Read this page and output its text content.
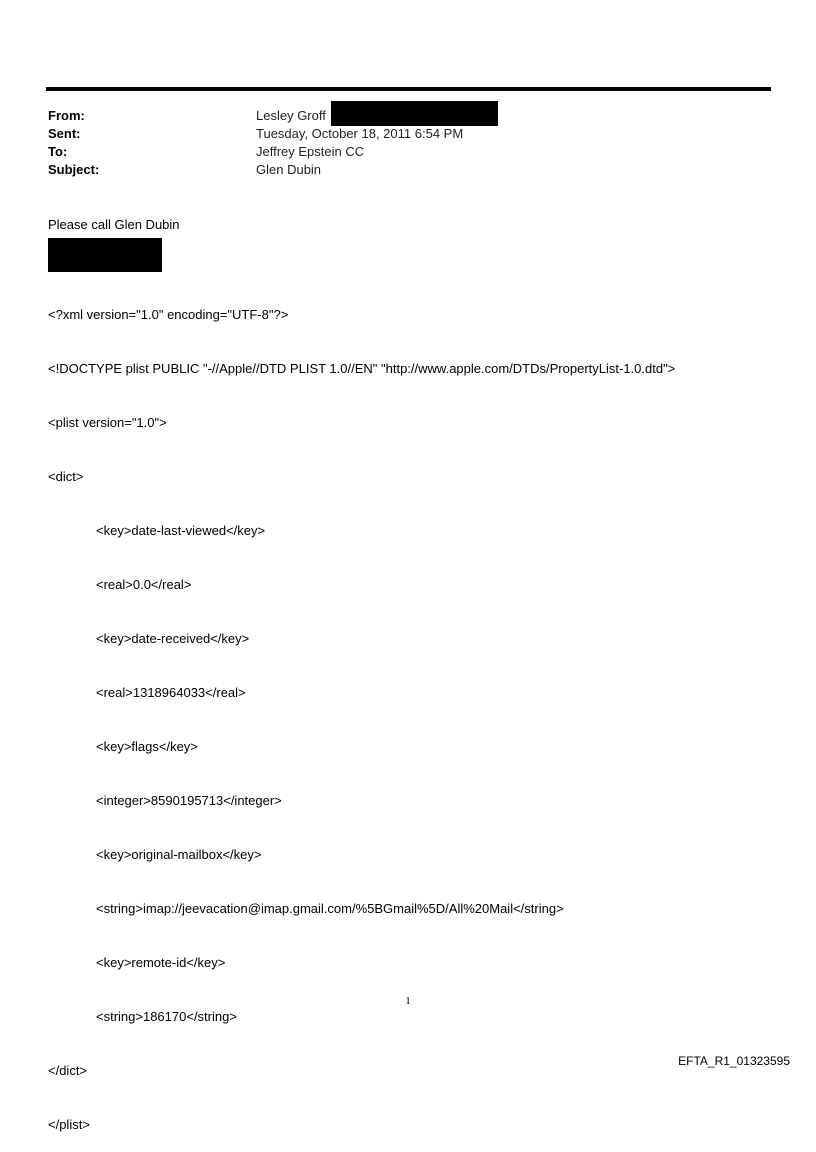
From:	Lesley Groff
Sent:	Tuesday, October 18, 2011 6:54 PM
To:	Jeffrey Epstein CC
Subject:	Glen Dubin
Please call Glen Dubin

<?xml version="1.0" encoding="UTF-8"?>

<!DOCTYPE plist PUBLIC "-//Apple//DTD PLIST 1.0//EN" "http://www.apple.com/DTDs/PropertyList-1.0.dtd">

<plist version="1.0">

<dict>

<key>date-last-viewed</key>

<real>0.0</real>

<key>date-received</key>

<real>1318964033</real>

<key>flags</key>

<integer>8590195713</integer>

<key>original-mailbox</key>

<string>imap://jeevacation@imap.gmail.com/%5BGmail%5D/All%20Mail</string>

<key>remote-id</key>

<string>186170</string>

</dict>

</plist>

1
EFTA_R1_01323595
